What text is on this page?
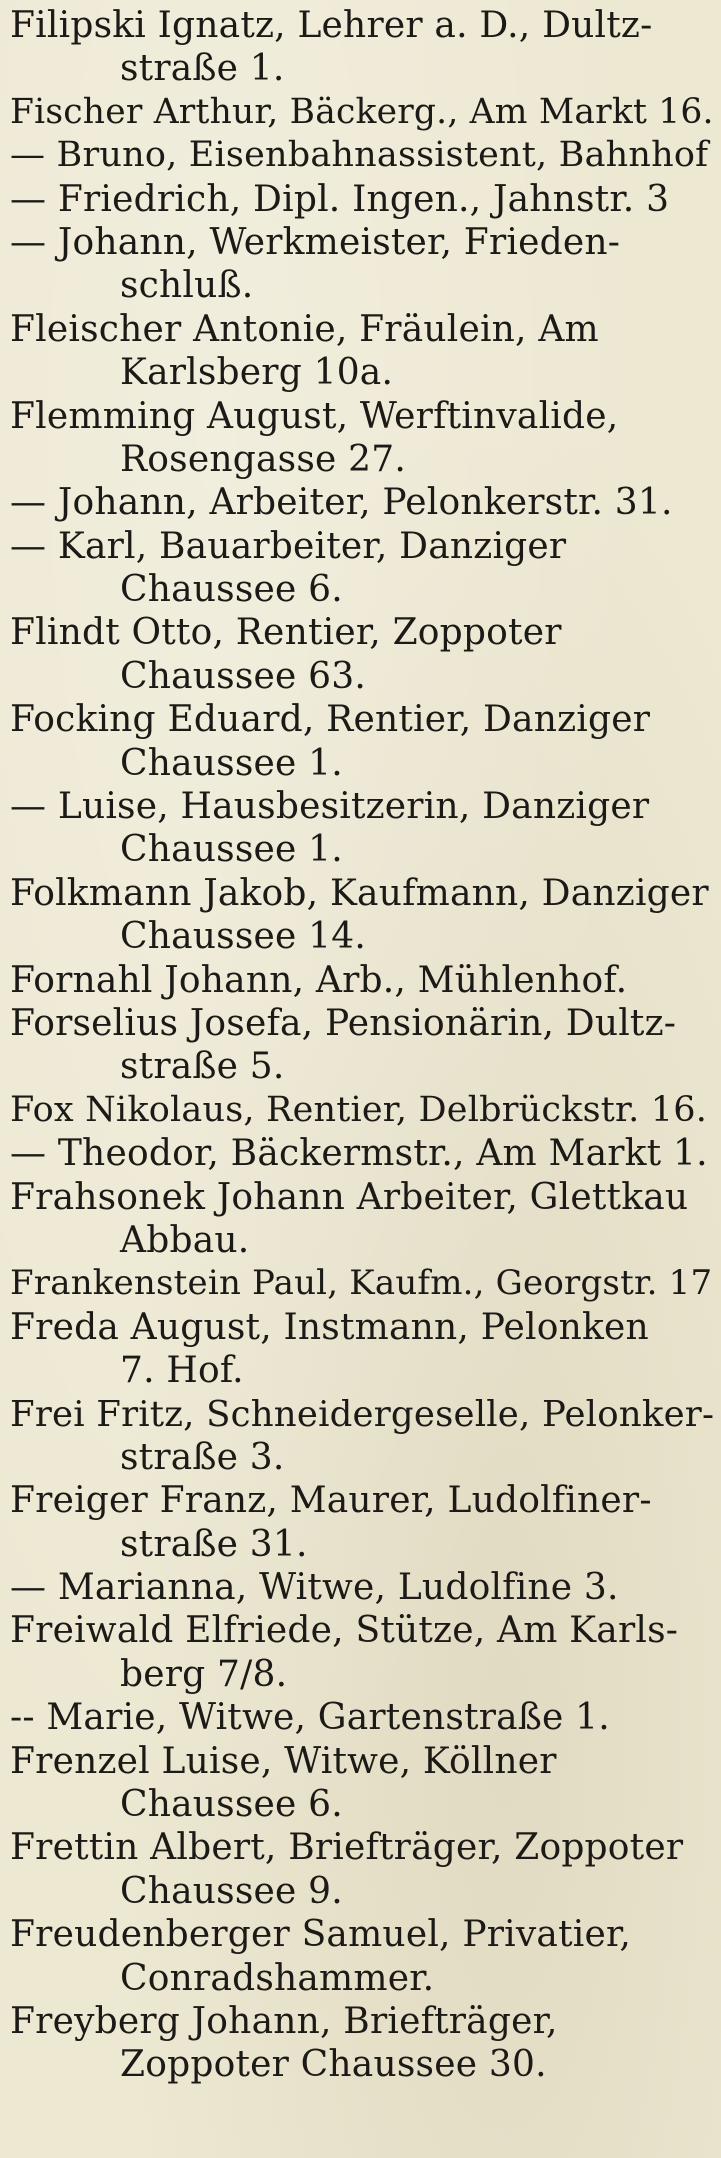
Filipski Ignatz, Lehrer a. D., Dultz-
straße 1.
Fischer Arthur, Bäckerg., Am Markt 16.
— Bruno, Eisenbahnassistent, Bahnhof
— Friedrich, Dipl. Ingen., Jahnstr. 3
— Johann, Werkmeister, Frieden-
schluß.
Fleischer Antonie, Fräulein, Am
Karlsberg 10a.
Flemming August, Werftinvalide,
Rosengasse 27.
— Johann, Arbeiter, Pelonkerstr. 31.
— Karl, Bauarbeiter, Danziger
Chaussee 6.
Flindt Otto, Rentier, Zoppoter
Chaussee 63.
Focking Eduard, Rentier, Danziger
Chaussee 1.
— Luise, Hausbesitzerin, Danziger
Chaussee 1.
Folkmann Jakob, Kaufmann, Danziger
Chaussee 14.
Fornahl Johann, Arb., Mühlenhof.
Forselius Josefa, Pensionärin, Dultz-
straße 5.
Fox Nikolaus, Rentier, Delbrückstr. 16.
— Theodor, Bäckermstr., Am Markt 1.
Frahsonek Johann Arbeiter, Glettkau
Abbau.
Frankenstein Paul, Kaufm., Georgstr. 17
Freda August, Instmann, Pelonken
7. Hof.
Frei Fritz, Schneidergeselle, Pelonker-
straße 3.
Freiger Franz, Maurer, Ludolfiner-
straße 31.
— Marianna, Witwe, Ludolfine 3.
Freiwald Elfriede, Stütze, Am Karls-
berg 7/8.
-- Marie, Witwe, Gartenstraße 1.
Frenzel Luise, Witwe, Köllner
Chaussee 6.
Frettin Albert, Briefträger, Zoppoter
Chaussee 9.
Freudenberger Samuel, Privatier,
Conradshammer.
Freyberg Johann, Briefträger,
Zoppoter Chaussee 30.
